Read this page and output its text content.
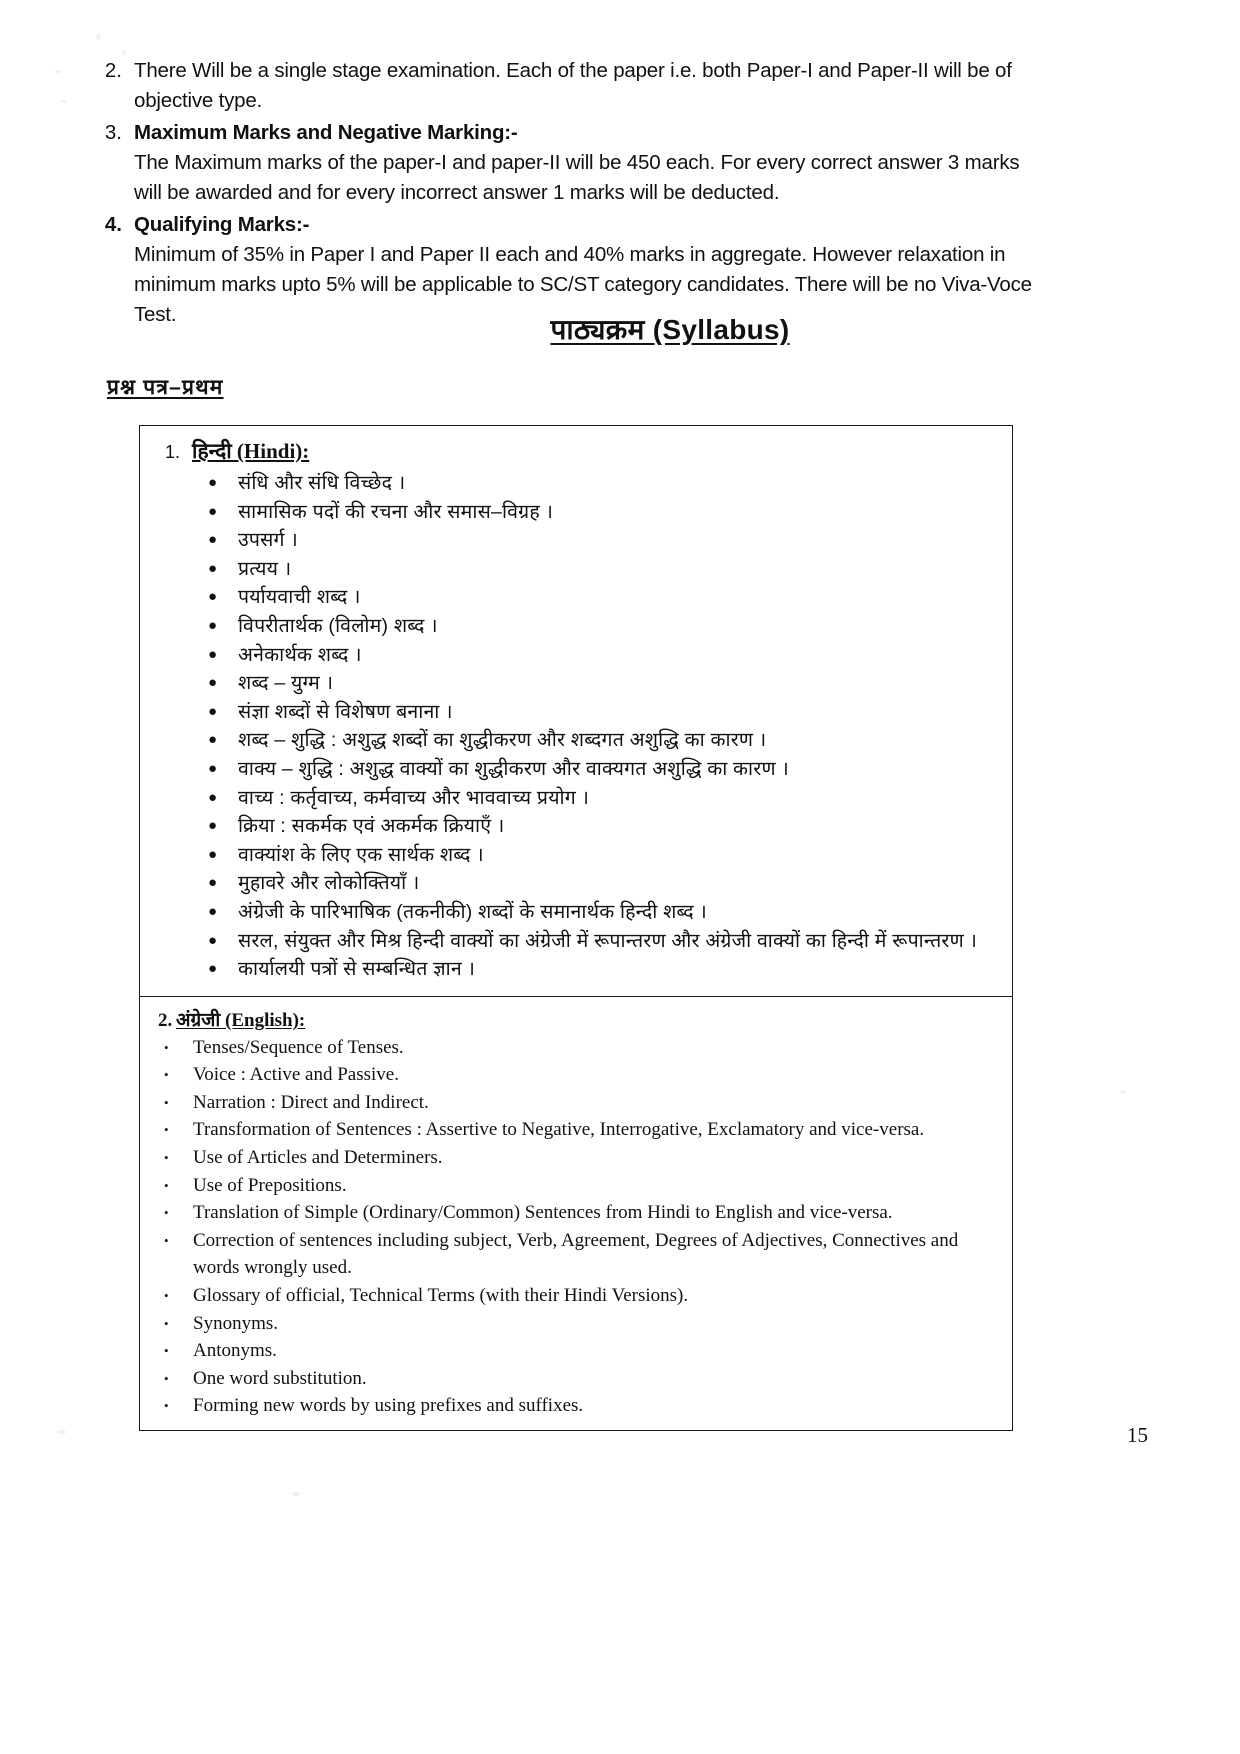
2. There Will be a single stage examination. Each of the paper i.e. both Paper-I and Paper-II will be of objective type.
3. Maximum Marks and Negative Marking:-
The Maximum marks of the paper-I and paper-II will be 450 each. For every correct answer 3 marks will be awarded and for every incorrect answer 1 marks will be deducted.
4. Qualifying Marks:-
Minimum of 35% in Paper I and Paper II each and 40% marks in aggregate. However relaxation in minimum marks upto 5% will be applicable to SC/ST category candidates. There will be no Viva-Voce Test.	पाठ्यक्रम (Syllabus)
प्रश्न पत्र–प्रथम
1. हिन्दी (Hindi):
●	संधि और संधि विच्छेद ।
●	सामासिक पदों की रचना और समास–विग्रह ।
●	उपसर्ग ।
●	प्रत्यय ।
●	पर्यायवाची शब्द ।
●	विपरीतार्थक (विलोम) शब्द ।
●	अनेकार्थक शब्द ।
●	शब्द – युग्म ।
●	संज्ञा शब्दों से विशेषण बनाना ।
●	शब्द – शुद्धि : अशुद्ध शब्दों का शुद्धीकरण और शब्दगत अशुद्धि का कारण ।
●	वाक्य – शुद्धि : अशुद्ध वाक्यों का शुद्धीकरण और वाक्यगत अशुद्धि का कारण ।
●	वाच्य : कर्तृवाच्य, कर्मवाच्य और भाववाच्य प्रयोग ।
●	क्रिया : सकर्मक एवं अकर्मक क्रियाएँ ।
●	वाक्यांश के लिए एक सार्थक शब्द ।
●	मुहावरे और लोकोक्तियाँ ।
●	अंग्रेजी के पारिभाषिक (तकनीकी) शब्दों के समानार्थक हिन्दी शब्द ।
●	सरल, संयुक्त और मिश्र हिन्दी वाक्यों का अंग्रेजी में रूपान्तरण और अंग्रेजी वाक्यों का हिन्दी में रूपान्तरण ।
●	कार्यालयी पत्रों से सम्बन्धित ज्ञान ।
2. अंग्रेजी (English):
•	Tenses/Sequence of Tenses.
•	Voice : Active and Passive.
•	Narration : Direct and Indirect.
•	Transformation of Sentences : Assertive to Negative, Interrogative, Exclamatory and vice-versa.
•	Use of Articles and Determiners.
•	Use of Prepositions.
•	Translation of Simple (Ordinary/Common) Sentences from Hindi to English and vice-versa.
•	Correction of sentences including subject, Verb, Agreement, Degrees of Adjectives, Connectives and words wrongly used.
•	Glossary of official, Technical Terms (with their Hindi Versions).
•	Synonyms.
•	Antonyms.
•	One word substitution.
•	Forming new words by using prefixes and suffixes.
15
